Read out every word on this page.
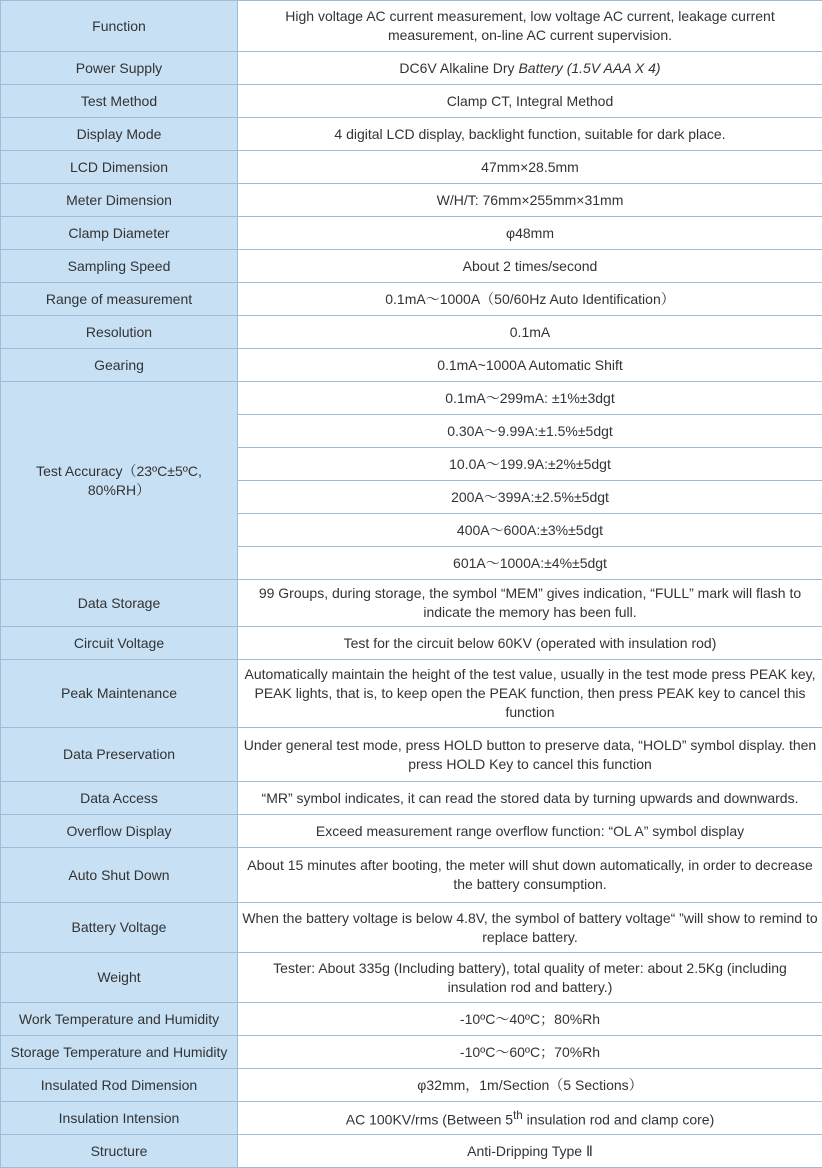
Function	High voltage AC current measurement, low voltage AC current, leakage current measurement, on-line AC current supervision.
Power Supply	DC6V Alkaline Dry Battery (1.5V AAA X 4)
Test Method	Clamp CT, Integral Method
Display Mode	4 digital LCD display, backlight function, suitable for dark place.
LCD Dimension	47mm×28.5mm
Meter Dimension	W/H/T: 76mm×255mm×31mm
Clamp Diameter	φ48mm
Sampling Speed	About 2 times/second
Range of measurement	0.1mA～1000A（50/60Hz Auto Identification）
Resolution	0.1mA
Gearing	0.1mA~1000A Automatic Shift
Test Accuracy（23ºC±5ºC,
80%RH）	0.1mA～299mA: ±1%±3dgt
	0.30A～9.99A:±1.5%±5dgt
	10.0A～199.9A:±2%±5dgt
	200A～399A:±2.5%±5dgt
	400A～600A:±3%±5dgt
	601A～1000A:±4%±5dgt
Data Storage	99 Groups, during storage, the symbol “MEM” gives indication, “FULL” mark will flash to indicate the memory has been full.
Circuit Voltage	Test for the circuit below 60KV (operated with insulation rod)
Peak Maintenance	Automatically maintain the height of the test value, usually in the test mode press PEAK key, PEAK lights, that is, to keep open the PEAK function, then press PEAK key to cancel this function
Data Preservation	Under general test mode, press HOLD button to preserve data, “HOLD” symbol display. then press HOLD Key to cancel this function
Data Access	“MR” symbol indicates, it can read the stored data by turning upwards and downwards.
Overflow Display	Exceed measurement range overflow function: “OL A” symbol display
Auto Shut Down	About 15 minutes after booting, the meter will shut down automatically, in order to decrease the battery consumption.
Battery Voltage	When the battery voltage is below 4.8V, the symbol of battery voltage“ ”will show to remind to replace battery.
Weight	Tester: About 335g (Including battery), total quality of meter: about 2.5Kg (including insulation rod and battery.)
Work Temperature and Humidity	-10ºC～40ºC；80%Rh
Storage Temperature and Humidity	-10ºC～60ºC；70%Rh
Insulated Rod Dimension	φ32mm，1m/Section（5 Sections）
Insulation Intension	AC 100KV/rms (Between 5th insulation rod and clamp core)
Structure	Anti-Dripping Type Ⅱ
